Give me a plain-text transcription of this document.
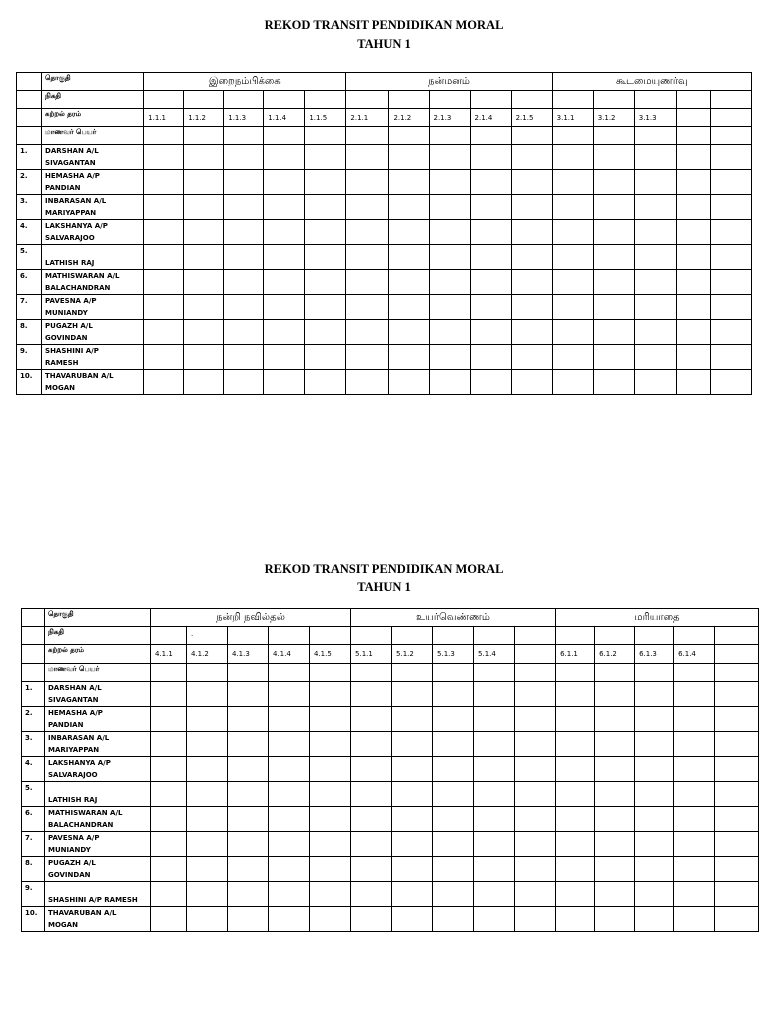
REKOD TRANSIT PENDIDIKAN MORAL
TAHUN 1
	தொகுதி	இறைநம்பிக்கை					நன்மனம்					கூடமையுணர்வு				
	நிகதி															
	கற்றல் தரம்	1.1.1	1.1.2	1.1.3	1.1.4	1.1.5	2.1.1	2.1.2	2.1.3	2.1.4	2.1.5	3.1.1	3.1.2	3.1.3		
	மாணவர் பெயர்															
1.	DARSHAN A/L
SIVAGANTAN															

2.	HEMASHA A/P
PANDIAN															

3.	INBARASAN A/L
MARIYAPPAN															

4.	LAKSHANYA A/P
SALVARAJOO															

5.	LATHISH RAJ															

6.	MATHISWARAN A/L
BALACHANDRAN															

7.	PAVESNA A/P
MUNIANDY															

8.	PUGAZH A/L
GOVINDAN															

9.	SHASHINI A/P
RAMESH															

10.	THAVARUBAN A/L
MOGAN															

REKOD TRANSIT PENDIDIKAN MORAL
TAHUN 1
	தொகுதி	நன்றி நவில்தல்					உயர்வெண்ணம்					மரியாதை				
	நிகதி		·													
	கற்றல் தரம்	4.1.1	4.1.2	4.1.3	4.1.4	4.1.5	5.1.1	5.1.2	5.1.3	5.1.4		6.1.1	6.1.2	6.1.3	6.1.4	
	மாணவர் பெயர்															
1.	DARSHAN A/L
SIVAGANTAN															

2.	HEMASHA A/P
PANDIAN															

3.	INBARASAN A/L
MARIYAPPAN															

4.	LAKSHANYA A/P
SALVARAJOO															

5.	LATHISH RAJ															

6.	MATHISWARAN A/L
BALACHANDRAN															

7.	PAVESNA A/P
MUNIANDY															

8.	PUGAZH A/L
GOVINDAN															

9.	SHASHINI A/P RAMESH															

10.	THAVARUBAN A/L
MOGAN															
